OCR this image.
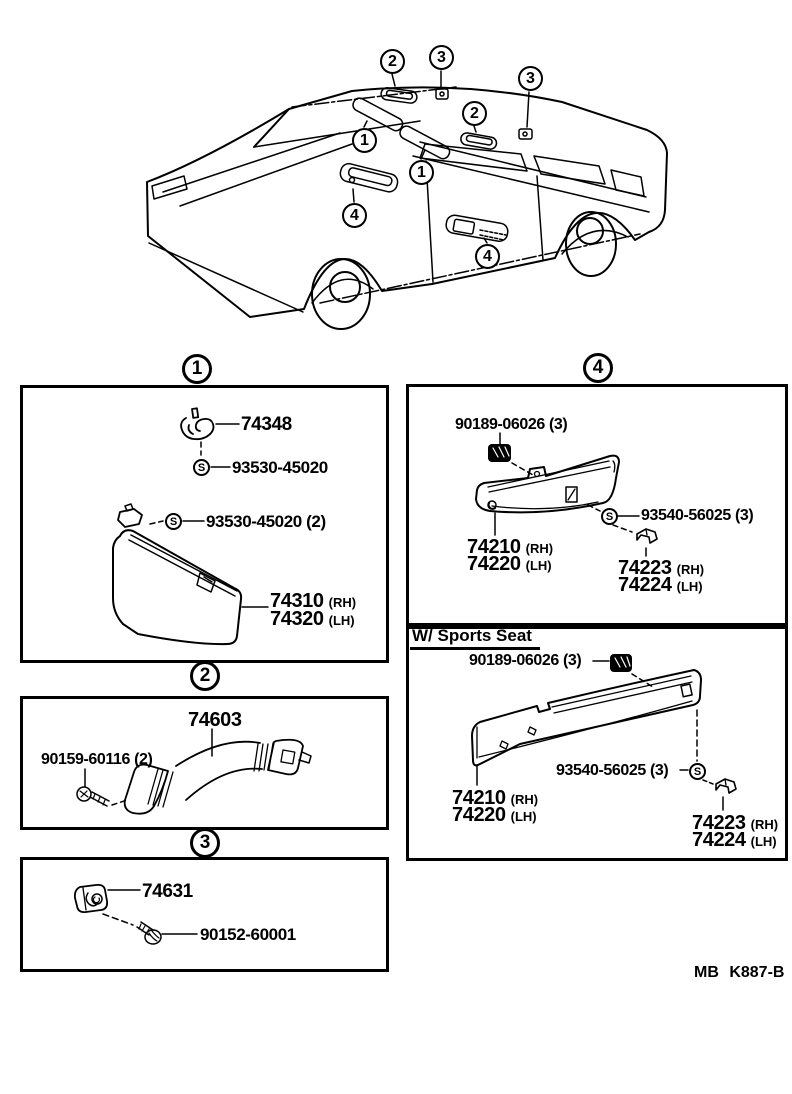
2	3
3
2
1
1
4
4
1
2
3
4
S
S	S
S
74348
93530-45020
93530-45020 (2)
74310 (RH)
74320 (LH)
74603
90159-60116 (2)
74631
90152-60001
90189-06026 (3)
93540-56025 (3)
74210 (RH)
74220 (LH)	74223 (RH)
74224 (LH)
W/ Sports Seat
90189-06026 (3)
93540-56025 (3)
74210 (RH)
74220 (LH)	74223 (RH)
74224 (LH)
MB K887-B
